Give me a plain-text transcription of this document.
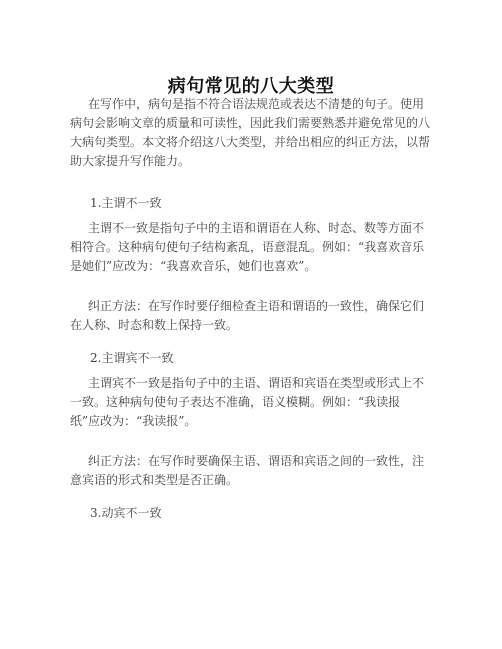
病句常见的八大类型

在写作中，病句是指不符合语法规范或表达不清楚的句子。使用病句会影响文章的质量和可读性，因此我们需要熟悉并避免常见的八大病句类型。本文将介绍这八大类型，并给出相应的纠正方法，以帮助大家提升写作能力。

1.主谓不一致

主谓不一致是指句子中的主语和谓语在人称、时态、数等方面不相符合。这种病句使句子结构紊乱，语意混乱。例如：“我喜欢音乐是她们”应改为：“我喜欢音乐，她们也喜欢”。

纠正方法：在写作时要仔细检查主语和谓语的一致性，确保它们在人称、时态和数上保持一致。

2.主谓宾不一致

主谓宾不一致是指句子中的主语、谓语和宾语在类型或形式上不一致。这种病句使句子表达不准确，语义模糊。例如：“我读报纸”应改为：“我读报”。

纠正方法：在写作时要确保主语、谓语和宾语之间的一致性，注意宾语的形式和类型是否正确。

3.动宾不一致
